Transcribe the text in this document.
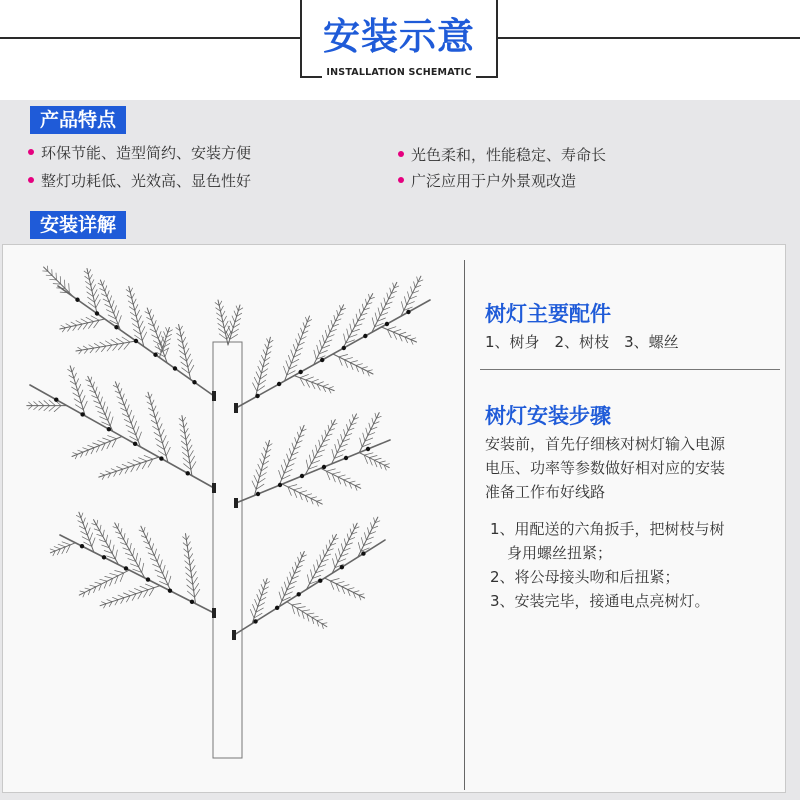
安装示意
INSTALLATION SCHEMATIC
产品特点
环保节能、造型简约、安装方便	光色柔和，性能稳定、寿命长
整灯功耗低、光效高、显色性好	广泛应用于户外景观改造
安装详解
树灯主要配件
1、树身　2、树枝　3、螺丝
树灯安装步骤
安装前，首先仔细核对树灯输入电源
电压、功率等参数做好相对应的安装
准备工作布好线路
1、用配送的六角扳手，把树枝与树
身用螺丝扭紧；
2、将公母接头吻和后扭紧；
3、安装完毕，接通电点亮树灯。
